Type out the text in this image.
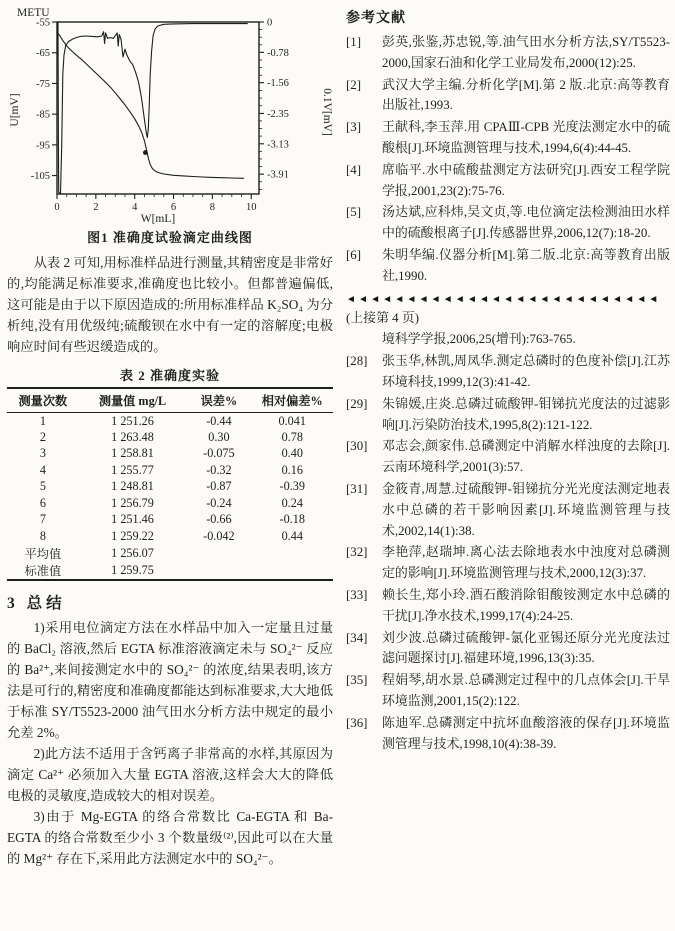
METU
U[mV]	0.1V[mV]
W[mL]
0	2	4	6	8	10
-55
-65
-75
-85
-95
-105
0
-0.78
-1.56
-2.35
-3.13
-3.91
图1 准确度试验滴定曲线图

从表 2 可知,用标准样品进行测量,其精密度是非常好的,均能满足标准要求,准确度也比较小。但都普遍偏低,这可能是由于以下原因造成的:所用标准样品 K₂SO₄ 为分析纯,没有用优级纯;硫酸钡在水中有一定的溶解度;电极响应时间有些迟缓造成的。

表 2 准确度实验
测量次数	测量值 mg/L	误差%	相对偏差%
1	1 251.26	-0.44	0.041
2	1 263.48	0.30	0.78
3	1 258.81	-0.075	0.40
4	1 255.77	-0.32	0.16
5	1 248.81	-0.87	-0.39
6	1 256.79	-0.24	0.24
7	1 251.46	-0.66	-0.18
8	1 259.22	-0.042	0.44
平均值	1 256.07		
标准值	1 259.75		
3 总结

1)采用电位滴定方法在水样品中加入一定量且过量的 BaCl₂ 溶液,然后 EGTA 标准溶液滴定未与 SO₄²⁻ 反应的 Ba²⁺,来间接测定水中的 SO₄²⁻ 的浓度,结果表明,该方法是可行的,精密度和准确度都能达到标准要求,大大地低于标准 SY/T5523-2000 油气田水分析方法中规定的最小允差 2%。

2)此方法不适用于含钙离子非常高的水样,其原因为滴定 Ca²⁺ 必须加入大量 EGTA 溶液,这样会大大的降低电极的灵敏度,造成较大的相对误差。

3)由于 Mg-EGTA 的络合常数比 Ca-EGTA 和 Ba-EGTA 的络合常数至少小 3 个数量级⁽²⁾,因此可以在大量的 Mg²⁺ 存在下,采用此方法测定水中的 SO₄²⁻。

参考文献
[1]	彭英,张鉴,苏忠锐,等.油气田水分析方法,SY/T5523-2000,国家石油和化学工业局发布,2000(12):25.
[2]	武汉大学主编.分析化学[M].第 2 版.北京:高等教育出版社,1993.
[3]	王献科,李玉萍.用 CPAⅢ-CPB 光度法测定水中的硫酸根[J].环境监测管理与技术,1994,6(4):44-45.
[4]	席临平.水中硫酸盐测定方法研究[J].西安工程学院学报,2001,23(2):75-76.
[5]	汤达斌,应科炜,吴文贞,等.电位滴定法检测油田水样中的硫酸根离子[J].传感器世界,2006,12(7):18-20.
[6]	朱明华编.仪器分析[M].第二版.北京:高等教育出版社,1990.
◄◄◄◄◄◄◄◄◄◄◄◄◄◄◄◄◄◄◄◄◄◄◄◄◄◄
(上接第 4 页)
境科学学报,2006,25(增刊):763-765.
[28]	张玉华,林凯,周凤华.测定总磷时的色度补偿[J].江苏环境科技,1999,12(3):41-42.
[29]	朱锦媛,庄炎.总磷过硫酸钾-钼锑抗光度法的过滤影响[J].污染防治技术,1995,8(2):121-122.
[30]	邓志会,颜家伟.总磷测定中消解水样浊度的去除[J].云南环境科学,2001(3):57.
[31]	金筱青,周慧.过硫酸钾-钼锑抗分光光度法测定地表水中总磷的若干影响因素[J].环境监测管理与技术,2002,14(1):38.
[32]	李艳萍,赵瑞坤.离心法去除地表水中浊度对总磷测定的影响[J].环境监测管理与技术,2000,12(3):37.
[33]	赖长生,郑小玲.酒石酸消除钼酸铵测定水中总磷的干扰[J].净水技术,1999,17(4):24-25.
[34]	刘少波.总磷过硫酸钾-氯化亚锡还原分光光度法过滤问题探讨[J].福建环境,1996,13(3):35.
[35]	程娟琴,胡水景.总磷测定过程中的几点体会[J].干旱环境监测,2001,15(2):122.
[36]	陈迪军.总磷测定中抗坏血酸溶液的保存[J].环境监测管理与技术,1998,10(4):38-39.
